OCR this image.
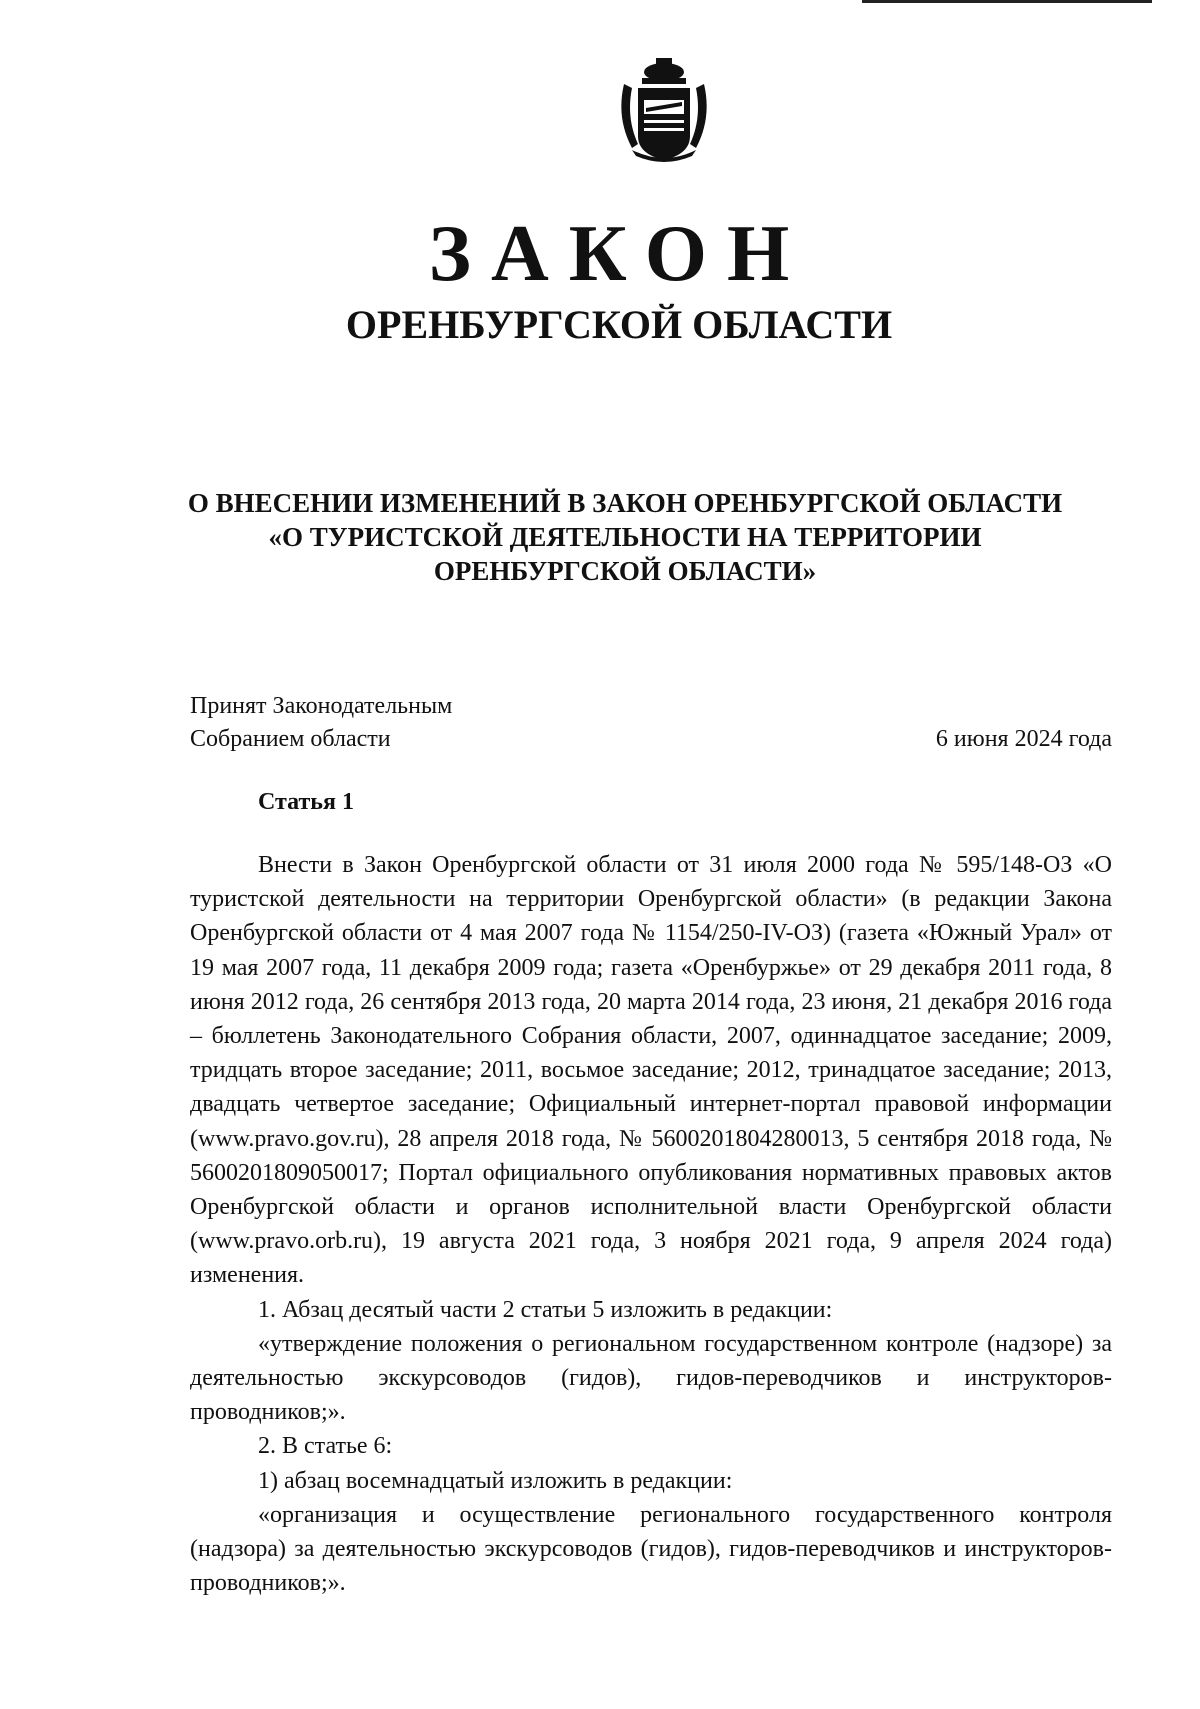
ЗАКОН
ОРЕНБУРГСКОЙ ОБЛАСТИ
О ВНЕСЕНИИ ИЗМЕНЕНИЙ В ЗАКОН ОРЕНБУРГСКОЙ ОБЛАСТИ
«О ТУРИСТСКОЙ ДЕЯТЕЛЬНОСТИ НА ТЕРРИТОРИИ
ОРЕНБУРГСКОЙ ОБЛАСТИ»
Принят Законодательным
Собранием области	6 июня 2024 года
Статья 1

Внести в Закон Оренбургской области от 31 июля 2000 года № 595/148-ОЗ «О туристской деятельности на территории Оренбургской области» (в редакции Закона Оренбургской области от 4 мая 2007 года № 1154/250-IV-ОЗ) (газета «Южный Урал» от 19 мая 2007 года, 11 декабря 2009 года; газета «Оренбуржье» от 29 декабря 2011 года, 8 июня 2012 года, 26 сентября 2013 года, 20 марта 2014 года, 23 июня, 21 декабря 2016 года – бюллетень Законодательного Собрания области, 2007, одиннадцатое заседание; 2009, тридцать второе заседание; 2011, восьмое заседание; 2012, тринадцатое заседание; 2013, двадцать четвертое заседание; Официальный интернет-портал правовой информации (www.pravo.gov.ru), 28 апреля 2018 года, № 5600201804280013, 5 сентября 2018 года, № 5600201809050017; Портал официального опубликования нормативных правовых актов Оренбургской области и органов исполнительной власти Оренбургской области (www.pravo.orb.ru), 19 августа 2021 года, 3 ноября 2021 года, 9 апреля 2024 года) изменения.

1. Абзац десятый части 2 статьи 5 изложить в редакции:

«утверждение положения о региональном государственном контроле (надзоре) за деятельностью экскурсоводов (гидов), гидов-переводчиков и инструкторов-проводников;».

2. В статье 6:

1) абзац восемнадцатый изложить в редакции:

«организация и осуществление регионального государственного контроля (надзора) за деятельностью экскурсоводов (гидов), гидов-переводчиков и инструкторов-проводников;».
